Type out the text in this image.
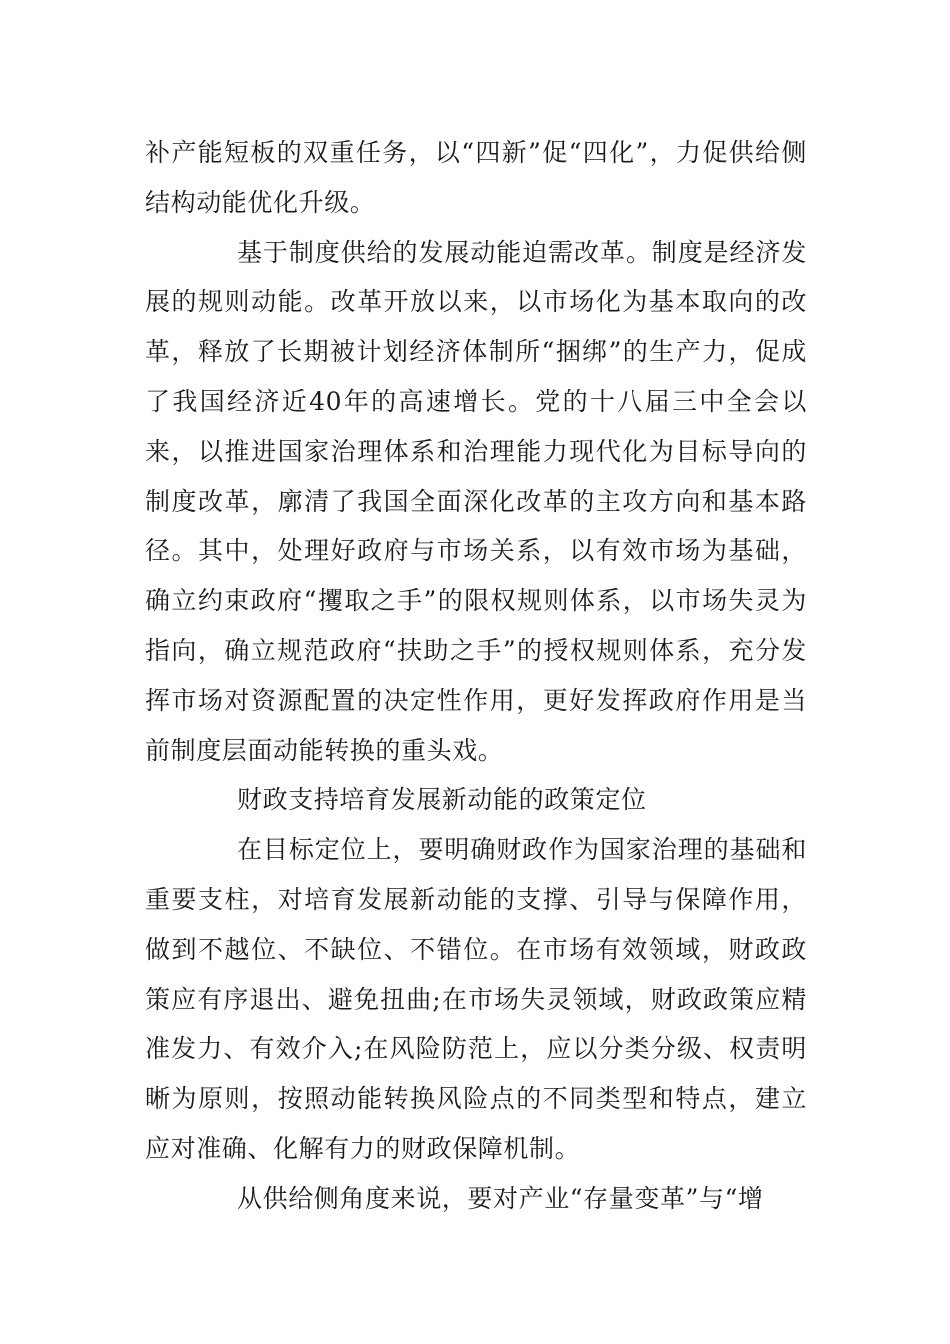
补产能短板的双重任务，以“四新”促“四化”，力促供给侧结构动能优化升级。

基于制度供给的发展动能迫需改革。制度是经济发展的规则动能。改革开放以来，以市场化为基本取向的改革，释放了长期被计划经济体制所“捆绑”的生产力，促成了我国经济近40年的高速增长。党的十八届三中全会以来，以推进国家治理体系和治理能力现代化为目标导向的制度改革，廓清了我国全面深化改革的主攻方向和基本路径。其中，处理好政府与市场关系，以有效市场为基础，确立约束政府“攫取之手”的限权规则体系，以市场失灵为指向，确立规范政府“扶助之手”的授权规则体系，充分发挥市场对资源配置的决定性作用，更好发挥政府作用是当前制度层面动能转换的重头戏。

财政支持培育发展新动能的政策定位

在目标定位上，要明确财政作为国家治理的基础和重要支柱，对培育发展新动能的支撑、引导与保障作用，做到不越位、不缺位、不错位。在市场有效领域，财政政策应有序退出、避免扭曲;在市场失灵领域，财政政策应精准发力、有效介入;在风险防范上，应以分类分级、权责明晰为原则，按照动能转换风险点的不同类型和特点，建立应对准确、化解有力的财政保障机制。

从供给侧角度来说，要对产业“存量变革”与“增
